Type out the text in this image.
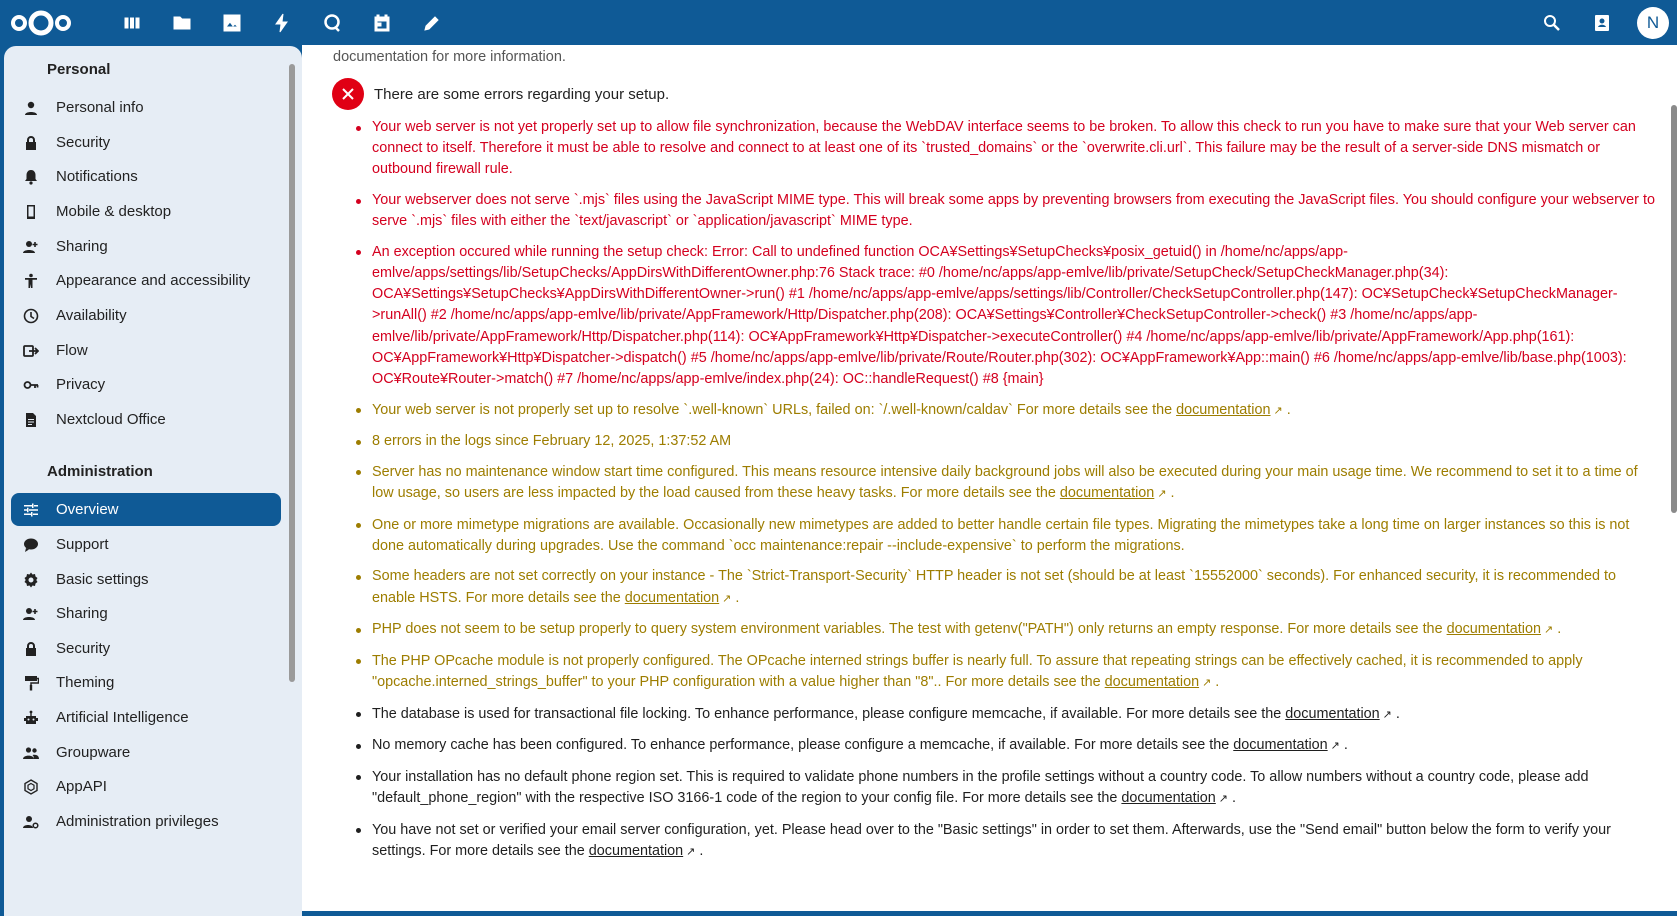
N
Personal
Personal info
Security
Notifications
Mobile & desktop
Sharing
Appearance and accessibility
Availability
Flow
Privacy
Nextcloud Office
Administration
Overview
Support
Basic settings
Sharing
Security
Theming
Artificial Intelligence
Groupware
AppAPI
Administration privileges
documentation for more information.
There are some errors regarding your setup.
Your web server is not yet properly set up to allow file synchronization, because the WebDAV interface seems to be broken. To allow this check to run you have to make sure that your Web server can connect to itself. Therefore it must be able to resolve and connect to at least one of its `trusted_domains` or the `overwrite.cli.url`. This failure may be the result of a server-side DNS mismatch or outbound firewall rule.
Your webserver does not serve `.mjs` files using the JavaScript MIME type. This will break some apps by preventing browsers from executing the JavaScript files. You should configure your webserver to serve `.mjs` files with either the `text/javascript` or `application/javascript` MIME type.
An exception occured while running the setup check: Error: Call to undefined function OCA¥Settings¥SetupChecks¥posix_getuid() in /home/nc/apps/app-emlve/apps/settings/lib/SetupChecks/AppDirsWithDifferentOwner.php:76 Stack trace: #0 /home/nc/apps/app-emlve/lib/private/SetupCheck/SetupCheckManager.php(34): OCA¥Settings¥SetupChecks¥AppDirsWithDifferentOwner->run() #1 /home/nc/apps/app-emlve/apps/settings/lib/Controller/CheckSetupController.php(147): OC¥SetupCheck¥SetupCheckManager->runAll() #2 /home/nc/apps/app-emlve/lib/private/AppFramework/Http/Dispatcher.php(208): OCA¥Settings¥Controller¥CheckSetupController->check() #3 /home/nc/apps/app-emlve/lib/private/AppFramework/Http/Dispatcher.php(114): OC¥AppFramework¥Http¥Dispatcher->executeController() #4 /home/nc/apps/app-emlve/lib/private/AppFramework/App.php(161): OC¥AppFramework¥Http¥Dispatcher->dispatch() #5 /home/nc/apps/app-emlve/lib/private/Route/Router.php(302): OC¥AppFramework¥App::main() #6 /home/nc/apps/app-emlve/lib/base.php(1003): OC¥Route¥Router->match() #7 /home/nc/apps/app-emlve/index.php(24): OC::handleRequest() #8 {main}
Your web server is not properly set up to resolve `.well-known` URLs, failed on: `/.well-known/caldav` For more details see the documentation ↗ .
8 errors in the logs since February 12, 2025, 1:37:52 AM
Server has no maintenance window start time configured. This means resource intensive daily background jobs will also be executed during your main usage time. We recommend to set it to a time of low usage, so users are less impacted by the load caused from these heavy tasks. For more details see the documentation ↗ .
One or more mimetype migrations are available. Occasionally new mimetypes are added to better handle certain file types. Migrating the mimetypes take a long time on larger instances so this is not done automatically during upgrades. Use the command `occ maintenance:repair --include-expensive` to perform the migrations.
Some headers are not set correctly on your instance - The `Strict-Transport-Security` HTTP header is not set (should be at least `15552000` seconds). For enhanced security, it is recommended to enable HSTS. For more details see the documentation ↗ .
PHP does not seem to be setup properly to query system environment variables. The test with getenv("PATH") only returns an empty response. For more details see the documentation ↗ .
The PHP OPcache module is not properly configured. The OPcache interned strings buffer is nearly full. To assure that repeating strings can be effectively cached, it is recommended to apply "opcache.interned_strings_buffer" to your PHP configuration with a value higher than "8".. For more details see the documentation ↗ .
The database is used for transactional file locking. To enhance performance, please configure memcache, if available. For more details see the documentation ↗ .
No memory cache has been configured. To enhance performance, please configure a memcache, if available. For more details see the documentation ↗ .
Your installation has no default phone region set. This is required to validate phone numbers in the profile settings without a country code. To allow numbers without a country code, please add "default_phone_region" with the respective ISO 3166-1 code of the region to your config file. For more details see the documentation ↗ .
You have not set or verified your email server configuration, yet. Please head over to the "Basic settings" in order to set them. Afterwards, use the "Send email" button below the form to verify your settings. For more details see the documentation ↗ .
